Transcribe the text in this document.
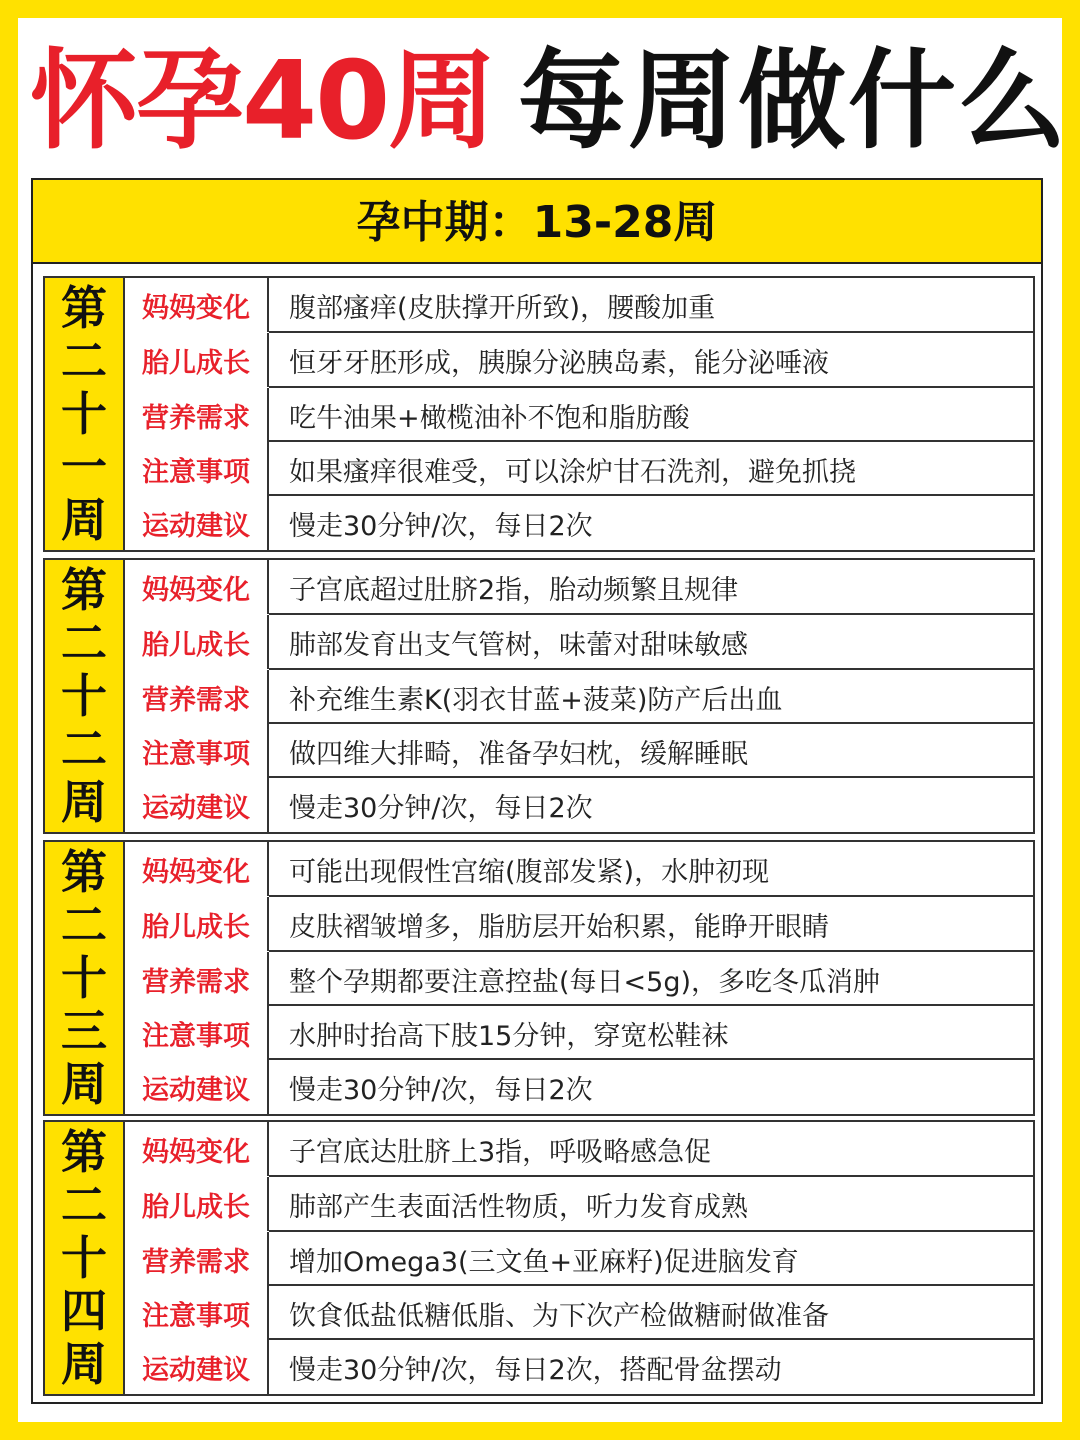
怀孕40周 每周做什么
孕中期：13-28周
第
二
十
一
周
妈妈变化	腹部瘙痒(皮肤撑开所致)，腰酸加重
胎儿成长	恒牙牙胚形成，胰腺分泌胰岛素，能分泌唾液
营养需求	吃牛油果+橄榄油补不饱和脂肪酸
注意事项	如果瘙痒很难受，可以涂炉甘石洗剂，避免抓挠
运动建议	慢走30分钟/次，每日2次
第
二
十
二
周
妈妈变化	子宫底超过肚脐2指，胎动频繁且规律
胎儿成长	肺部发育出支气管树，味蕾对甜味敏感
营养需求	补充维生素K(羽衣甘蓝+菠菜)防产后出血
注意事项	做四维大排畸，准备孕妇枕，缓解睡眠
运动建议	慢走30分钟/次，每日2次
第
二
十
三
周
妈妈变化	可能出现假性宫缩(腹部发紧)，水肿初现
胎儿成长	皮肤褶皱增多，脂肪层开始积累，能睁开眼睛
营养需求	整个孕期都要注意控盐(每日<5g)，多吃冬瓜消肿
注意事项	水肿时抬高下肢15分钟，穿宽松鞋袜
运动建议	慢走30分钟/次，每日2次
第
二
十
四
周
妈妈变化	子宫底达肚脐上3指，呼吸略感急促
胎儿成长	肺部产生表面活性物质，听力发育成熟
营养需求	增加Omega3(三文鱼+亚麻籽)促进脑发育
注意事项	饮食低盐低糖低脂、为下次产检做糖耐做准备
运动建议	慢走30分钟/次，每日2次，搭配骨盆摆动
